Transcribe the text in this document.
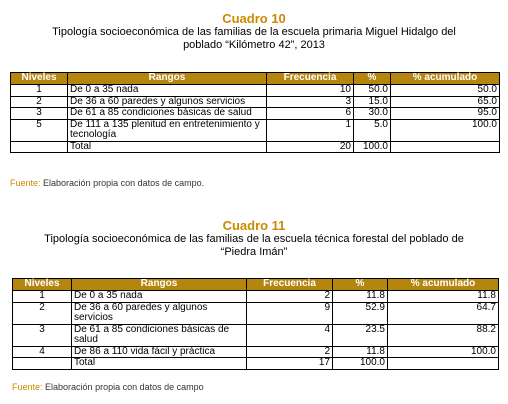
Cuadro 10
Tipología socioeconómica de las familias de la escuela primaria Miguel Hidalgo del
poblado “Kilómetro 42”, 2013
Niveles	Rangos	Frecuencia	%	% acumulado
1	De 0 a 35 nada	10	50.0	50.0
2	De 36 a 60 paredes y algunos servicios	3	15.0	65.0
3	De 61 a 85 condiciones básicas de salud	6	30.0	95.0
5	De 111 a 135 plenitud en entretenimiento y tecnología	1	5.0	100.0
	Total	20	100.0	
Fuente: Elaboración propia con datos de campo.
Cuadro 11
Tipología socioeconómica de las familias de la escuela técnica forestal del poblado de
“Piedra Imán”
Niveles	Rangos	Frecuencia	%	% acumulado
1	De 0 a 35 nada	2	11.8	11.8
2	De 36 a 60 paredes y algunos servicios	9	52.9	64.7
3	De 61 a 85 condiciones básicas de salud	4	23.5	88.2
4	De 86 a 110 vida fácil y práctica	2	11.8	100.0
	Total	17	100.0	
Fuente: Elaboración propia con datos de campo
